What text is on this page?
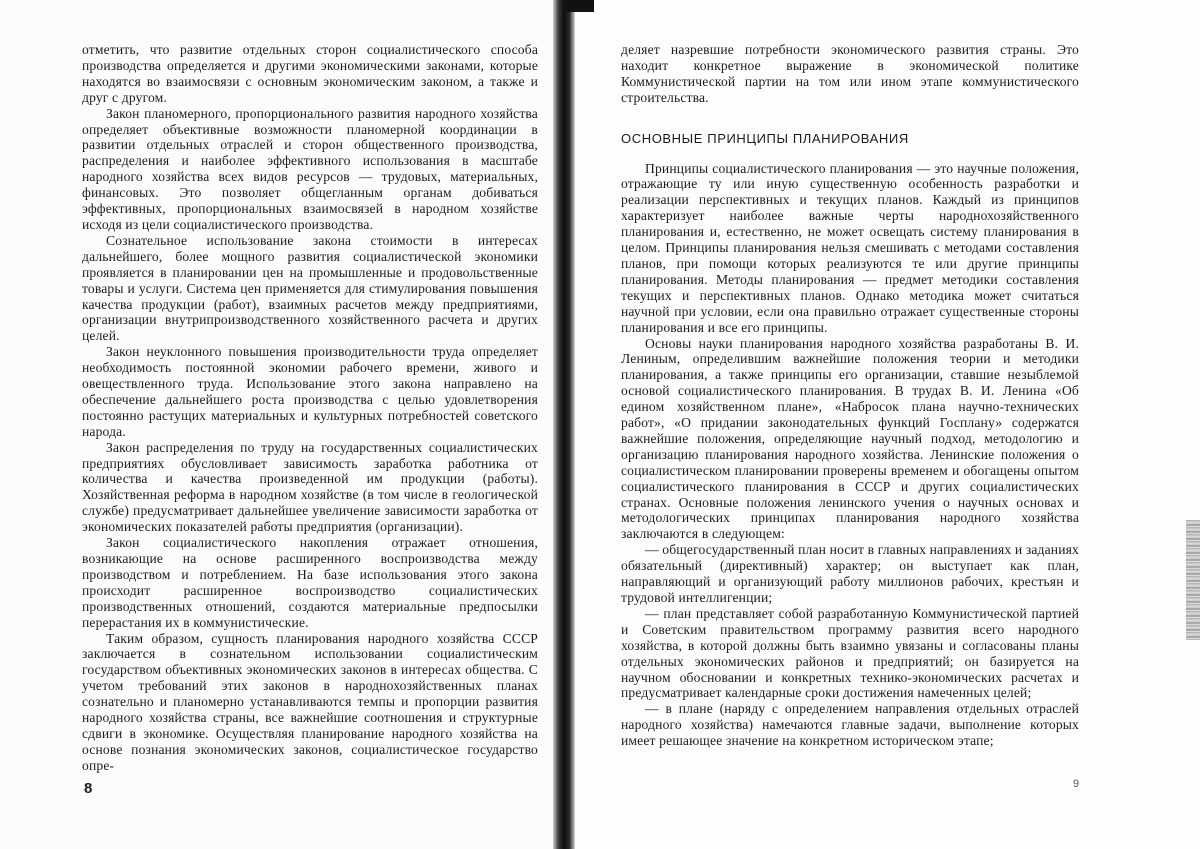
отметить, что развитие отдельных сторон социалистического способа производства определяется и другими экономическими законами, которые находятся во взаимосвязи с основным экономическим законом, а также и друг с другом.

Закон планомерного, пропорционального развития народного хозяйства определяет объективные возможности планомерной координации в развитии отдельных отраслей и сторон общественного производства, распределения и наиболее эффективного использования в масштабе народного хозяйства всех видов ресурсов — трудовых, материальных, финансовых. Это позволяет общегланным органам добиваться эффективных, пропорциональных взаимосвязей в народном хозяйстве исходя из цели социалистического производства.

Сознательное использование закона стоимости в интересах дальнейшего, более мощного развития социалистической экономики проявляется в планировании цен на промышленные и продовольственные товары и услуги. Система цен применяется для стимулирования повышения качества продукции (работ), взаимных расчетов между предприятиями, организации внутрипроизводственного хозяйственного расчета и других целей.

Закон неуклонного повышения производительности труда определяет необходимость постоянной экономии рабочего времени, живого и овеществленного труда. Использование этого закона направлено на обеспечение дальнейшего роста производства с целью удовлетворения постоянно растущих материальных и культурных потребностей советского народа.

Закон распределения по труду на государственных социалистических предприятиях обусловливает зависимость заработка работника от количества и качества произведенной им продукции (работы). Хозяйственная реформа в народном хозяйстве (в том числе в геологической службе) предусматривает дальнейшее увеличение зависимости заработка от экономических показателей работы предприятия (организации).

Закон социалистического накопления отражает отношения, возникающие на основе расширенного воспроизводства между производством и потреблением. На базе использования этого закона происходит расширенное воспроизводство социалистических производственных отношений, создаются материальные предпосылки перерастания их в коммунистические.

Таким образом, сущность планирования народного хозяйства СССР заключается в сознательном использовании социалистическим государством объективных экономических законов в интересах общества. С учетом требований этих законов в народнохозяйственных планах сознательно и планомерно устанавливаются темпы и пропорции развития народного хозяйства страны, все важнейшие соотношения и структурные сдвиги в экономике. Осуществляя планирование народного хозяйства на основе познания экономических законов, социалистическое государство опре-

8

деляет назревшие потребности экономического развития страны. Это находит конкретное выражение в экономической политике Коммунистической партии на том или ином этапе коммунистического строительства.

ОСНОВНЫЕ ПРИНЦИПЫ ПЛАНИРОВАНИЯ

Принципы социалистического планирования — это научные положения, отражающие ту или иную существенную особенность разработки и реализации перспективных и текущих планов. Каждый из принципов характеризует наиболее важные черты народнохозяйственного планирования и, естественно, не может освещать систему планирования в целом. Принципы планирования нельзя смешивать с методами составления планов, при помощи которых реализуются те или другие принципы планирования. Методы планирования — предмет методики составления текущих и перспективных планов. Однако методика может считаться научной при условии, если она правильно отражает существенные стороны планирования и все его принципы.

Основы науки планирования народного хозяйства разработаны В. И. Лениным, определившим важнейшие положения теории и методики планирования, а также принципы его организации, ставшие незыблемой основой социалистического планирования. В трудах В. И. Ленина «Об едином хозяйственном плане», «Набросок плана научно-технических работ», «О придании законодательных функций Госплану» содержатся важнейшие положения, определяющие научный подход, методологию и организацию планирования народного хозяйства. Ленинские положения о социалистическом планировании проверены временем и обогащены опытом социалистического планирования в СССР и других социалистических странах. Основные положения ленинского учения о научных основах и методологических принципах планирования народного хозяйства заключаются в следующем:

— общегосударственный план носит в главных направлениях и заданиях обязательный (директивный) характер; он выступает как план, направляющий и организующий работу миллионов рабочих, крестьян и трудовой интеллигенции;

— план представляет собой разработанную Коммунистической партией и Советским правительством программу развития всего народного хозяйства, в которой должны быть взаимно увязаны и согласованы планы отдельных экономических районов и предприятий; он базируется на научном обосновании и конкретных технико-экономических расчетах и предусматривает календарные сроки достижения намеченных целей;

— в плане (наряду с определением направления отдельных отраслей народного хозяйства) намечаются главные задачи, выполнение которых имеет решающее значение на конкретном историческом этапе;

9
